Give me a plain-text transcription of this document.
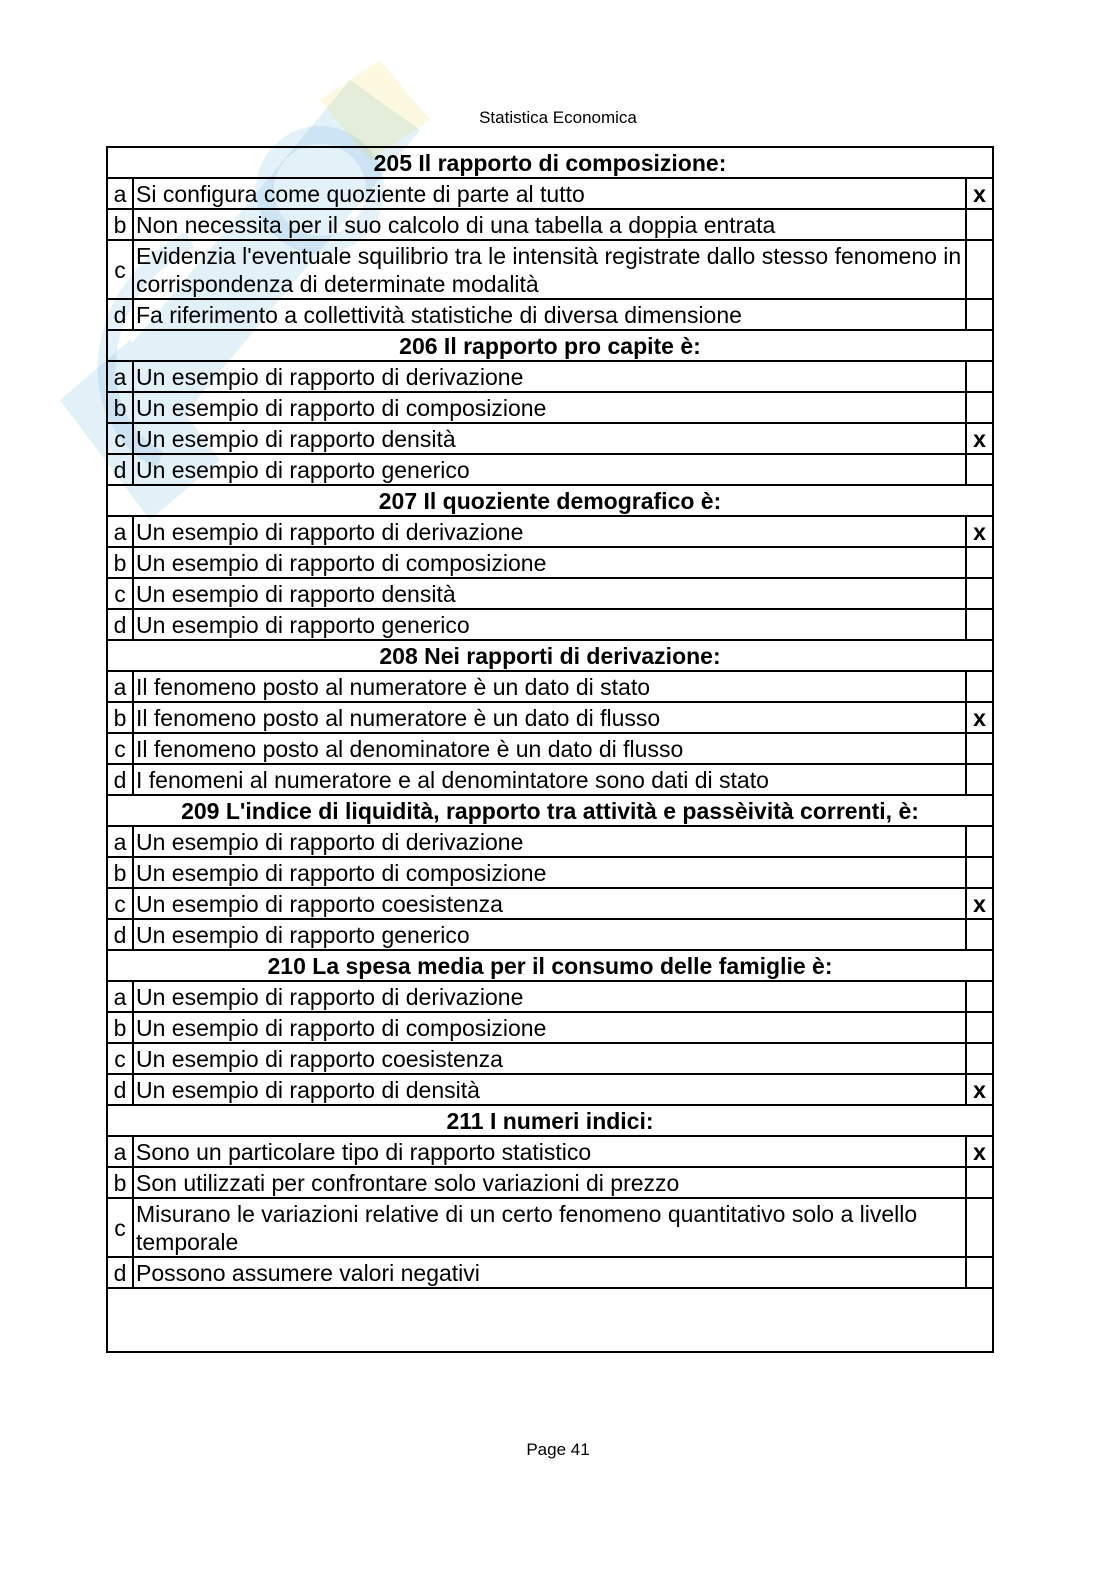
Statistica Economica
205 Il rapporto di composizione:		
a	Si configura come quoziente di parte al tutto	x
b	Non necessita per il suo calcolo di una tabella a doppia entrata	
c	Evidenzia l'eventuale squilibrio tra le intensità registrate dallo stesso fenomeno in corrispondenza di determinate modalità	
d	Fa riferimento a collettività statistiche di diversa dimensione	
206 Il rapporto pro capite è:		
a	Un esempio di rapporto di derivazione	
b	Un esempio di rapporto di composizione	
c	Un esempio di rapporto densità	x
d	Un esempio di rapporto generico	
207 Il quoziente demografico è:		
a	Un esempio di rapporto di derivazione	x
b	Un esempio di rapporto di composizione	
c	Un esempio di rapporto densità	
d	Un esempio di rapporto generico	
208 Nei rapporti di derivazione:		
a	Il fenomeno posto al numeratore è un dato di stato	
b	Il fenomeno posto al numeratore è un dato di flusso	x
c	Il fenomeno posto al denominatore è un dato di flusso	
d	I fenomeni al numeratore e al denomintatore sono dati di stato	
209 L'indice di liquidità, rapporto tra attività e passèività correnti, è:		
a	Un esempio di rapporto di derivazione	
b	Un esempio di rapporto di composizione	
c	Un esempio di rapporto coesistenza	x
d	Un esempio di rapporto generico	
210 La spesa media per il consumo delle famiglie è:		
a	Un esempio di rapporto di derivazione	
b	Un esempio di rapporto di composizione	
c	Un esempio di rapporto coesistenza	
d	Un esempio di rapporto di densità	x
211 I numeri indici:		
a	Sono un particolare tipo di rapporto statistico	x
b	Son utilizzati per confrontare solo variazioni di prezzo	
c	Misurano le variazioni relative di un certo fenomeno quantitativo solo a livello temporale	
d	Possono assumere valori negativi	

Page 41
